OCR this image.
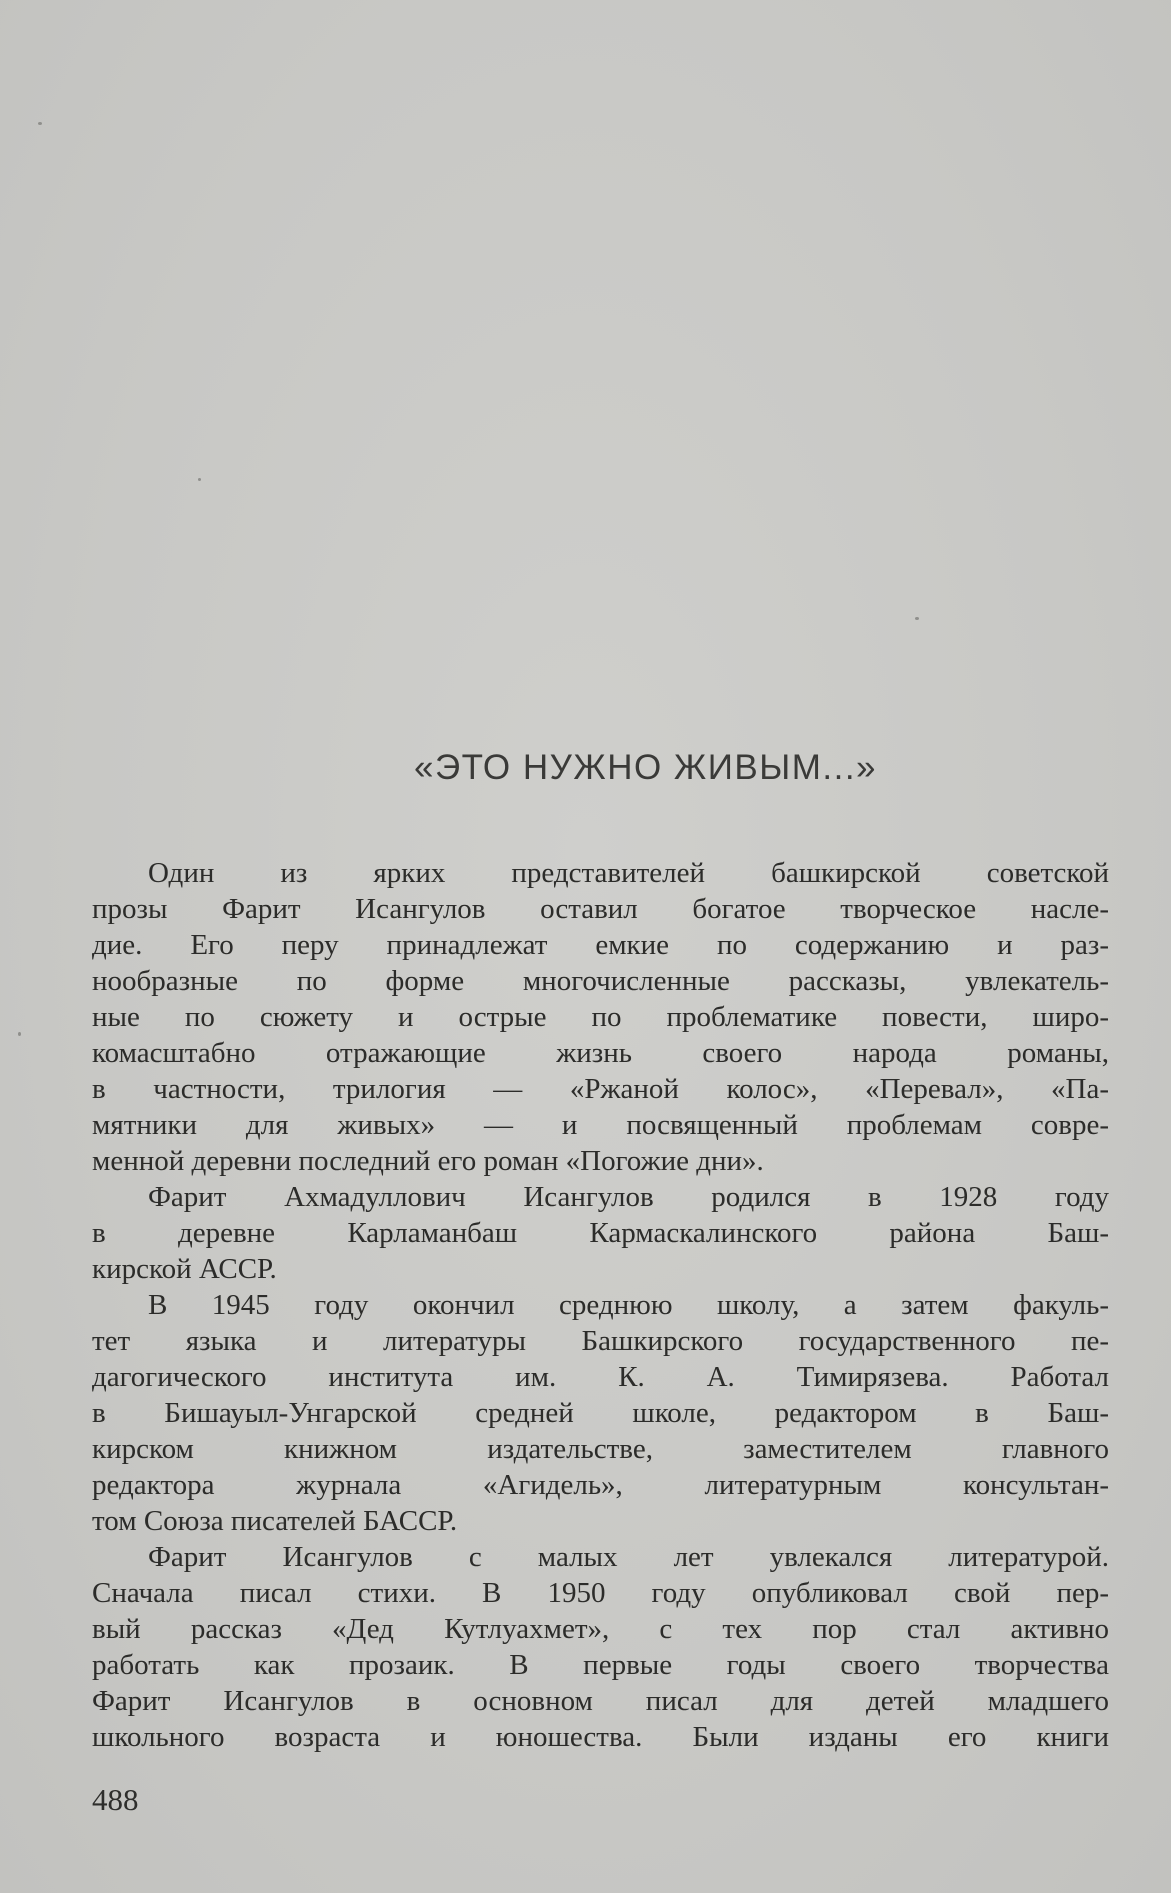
«ЭТО НУЖНО ЖИВЫМ...»
Один из ярких представителей башкирской советской
прозы Фарит Исангулов оставил богатое творческое насле-
дие. Его перу принадлежат емкие по содержанию и раз-
нообразные по форме многочисленные рассказы, увлекатель-
ные по сюжету и острые по проблематике повести, широ-
комасштабно отражающие жизнь своего народа романы,
в частности, трилогия — «Ржаной колос», «Перевал», «Па-
мятники для живых» — и посвященный проблемам совре-
менной деревни последний его роман «Погожие дни».
Фарит Ахмадуллович Исангулов родился в 1928 году
в деревне Карламанбаш Кармаскалинского района Баш-
кирской АССР.
В 1945 году окончил среднюю школу, а затем факуль-
тет языка и литературы Башкирского государственного пе-
дагогического института им. К. А. Тимирязева. Работал
в Бишауыл-Унгарской средней школе, редактором в Баш-
кирском книжном издательстве, заместителем главного
редактора журнала «Агидель», литературным консультан-
том Союза писателей БАССР.
Фарит Исангулов с малых лет увлекался литературой.
Сначала писал стихи. В 1950 году опубликовал свой пер-
вый рассказ «Дед Кутлуахмет», с тех пор стал активно
работать как прозаик. В первые годы своего творчества
Фарит Исангулов в основном писал для детей младшего
школьного возраста и юношества. Были изданы его книги
488
